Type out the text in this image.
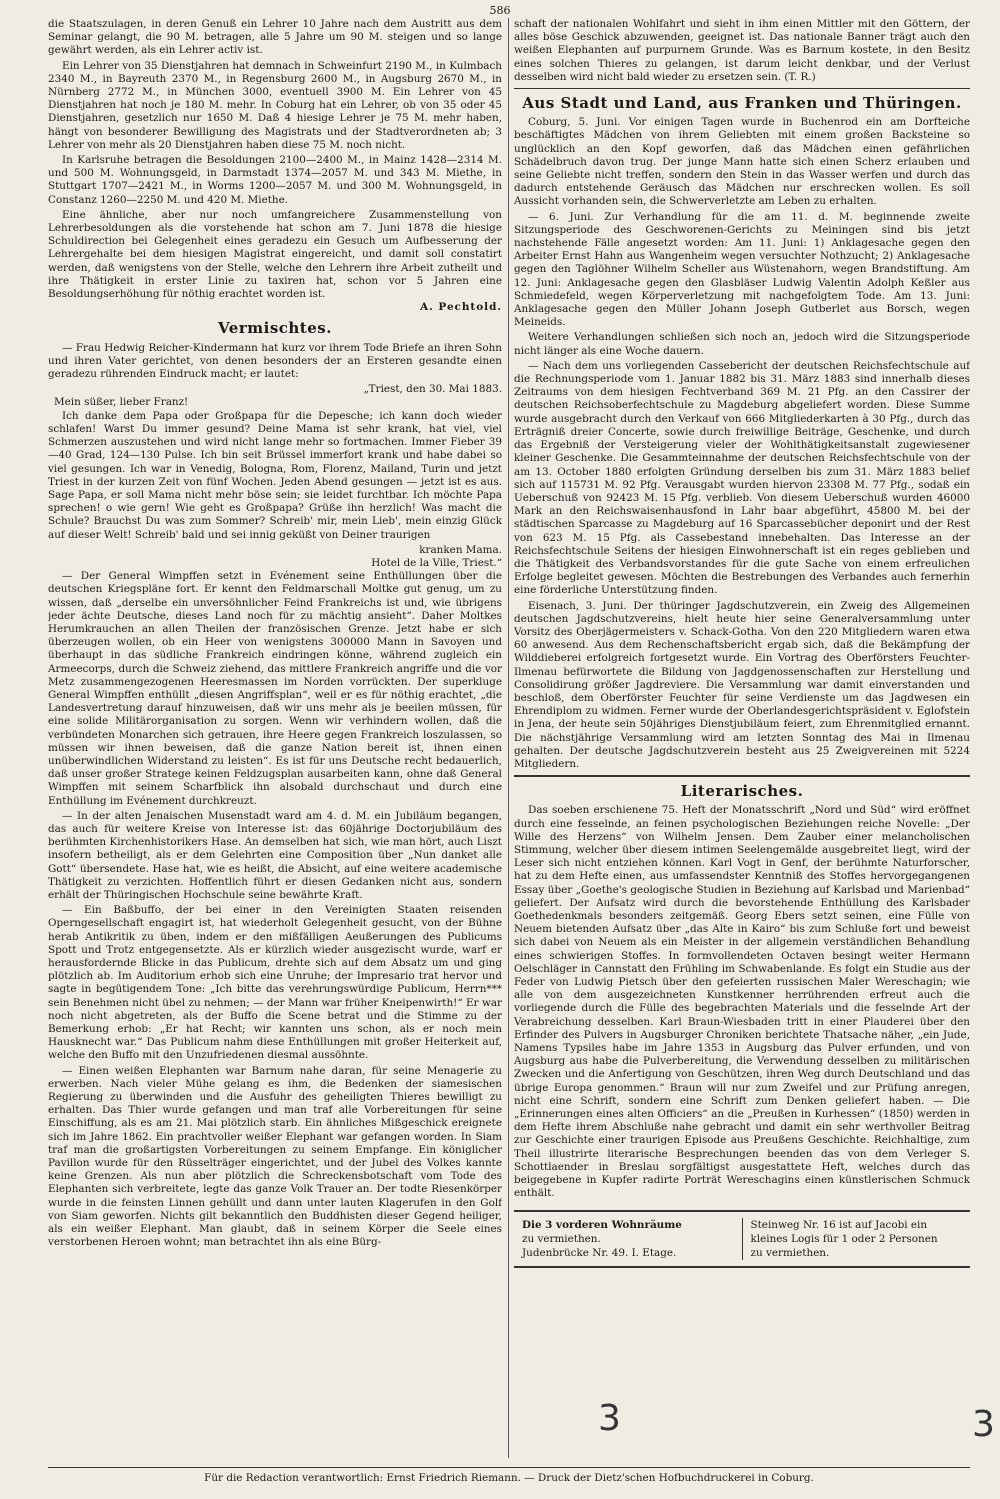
586

die Staatszulagen, in deren Genuß ein Lehrer 10 Jahre nach dem Austritt aus dem Seminar gelangt, die 90 M. betragen, alle 5 Jahre um 90 M. steigen und so lange gewährt werden, als ein Lehrer activ ist.

Ein Lehrer von 35 Dienstjahren hat demnach in Schweinfurt 2190 M., in Kulmbach 2340 M., in Bayreuth 2370 M., in Regensburg 2600 M., in Augsburg 2670 M., in Nürnberg 2772 M., in München 3000, eventuell 3900 M. Ein Lehrer von 45 Dienstjahren hat noch je 180 M. mehr. In Coburg hat ein Lehrer, ob von 35 oder 45 Dienstjahren, gesetzlich nur 1650 M. Daß 4 hiesige Lehrer je 75 M. mehr haben, hängt von besonderer Bewilligung des Magistrats und der Stadtverordneten ab; 3 Lehrer von mehr als 20 Dienstjahren haben diese 75 M. noch nicht.

In Karlsruhe betragen die Besoldungen 2100—2400 M., in Mainz 1428—2314 M. und 500 M. Wohnungsgeld, in Darmstadt 1374—2057 M. und 343 M. Miethe, in Stuttgart 1707—2421 M., in Worms 1200—2057 M. und 300 M. Wohnungsgeld, in Constanz 1260—2250 M. und 420 M. Miethe.

Eine ähnliche, aber nur noch umfangreichere Zusammenstellung von Lehrerbesoldungen als die vorstehende hat schon am 7. Juni 1878 die hiesige Schuldirection bei Gelegenheit eines geradezu ein Gesuch um Aufbesserung der Lehrergehalte bei dem hiesigen Magistrat eingereicht, und damit soll constatirt werden, daß wenigstens von der Stelle, welche den Lehrern ihre Arbeit zutheilt und ihre Thätigkeit in erster Linie zu taxiren hat, schon vor 5 Jahren eine Besoldungserhöhung für nöthig erachtet worden ist.

A. Pechtold.
Vermischtes.

— Frau Hedwig Reicher-Kindermann hat kurz vor ihrem Tode Briefe an ihren Sohn und ihren Vater gerichtet, von denen besonders der an Ersteren gesandte einen geradezu rührenden Eindruck macht; er lautet:

„Triest, den 30. Mai 1883.
Mein süßer, lieber Franz!

Ich danke dem Papa oder Großpapa für die Depesche; ich kann doch wieder schlafen! Warst Du immer gesund? Deine Mama ist sehr krank, hat viel, viel Schmerzen auszustehen und wird nicht lange mehr so fortmachen. Immer Fieber 39—40 Grad, 124—130 Pulse. Ich bin seit Brüssel immerfort krank und habe dabei so viel gesungen. Ich war in Venedig, Bologna, Rom, Florenz, Mailand, Turin und jetzt Triest in der kurzen Zeit von fünf Wochen. Jeden Abend gesungen — jetzt ist es aus. Sage Papa, er soll Mama nicht mehr böse sein; sie leidet furchtbar. Ich möchte Papa sprechen! o wie gern! Wie geht es Großpapa? Grüße ihn herzlich! Was macht die Schule? Brauchst Du was zum Sommer? Schreib' mir, mein Lieb', mein einzig Glück auf dieser Welt! Schreib' bald und sei innig geküßt von Deiner traurigen

kranken Mama.
Hotel de la Ville, Triest.“

— Der General Wimpffen setzt in Evénement seine Enthüllungen über die deutschen Kriegspläne fort. Er kennt den Feldmarschall Moltke gut genug, um zu wissen, daß „derselbe ein unversöhnlicher Feind Frankreichs ist und, wie übrigens jeder ächte Deutsche, dieses Land noch für zu mächtig ansieht“. Daher Moltkes Herumkrauchen an allen Theilen der französischen Grenze. Jetzt habe er sich überzeugen wollen, ob ein Heer von wenigstens 300000 Mann in Savoyen und überhaupt in das südliche Frankreich eindringen könne, während zugleich ein Armeecorps, durch die Schweiz ziehend, das mittlere Frankreich angriffe und die vor Metz zusammengezogenen Heeresmassen im Norden vorrückten. Der superkluge General Wimpffen enthüllt „diesen Angriffsplan“, weil er es für nöthig erachtet, „die Landesvertretung darauf hinzuweisen, daß wir uns mehr als je beeilen müssen, für eine solide Militärorganisation zu sorgen. Wenn wir verhindern wollen, daß die verbündeten Monarchen sich getrauen, ihre Heere gegen Frankreich loszulassen, so müssen wir ihnen beweisen, daß die ganze Nation bereit ist, ihnen einen unüberwindlichen Widerstand zu leisten“. Es ist für uns Deutsche recht bedauerlich, daß unser großer Stratege keinen Feldzugsplan ausarbeiten kann, ohne daß General Wimpffen mit seinem Scharfblick ihn alsobald durchschaut und durch eine Enthüllung im Evénement durchkreuzt.

— In der alten Jenaischen Musenstadt ward am 4. d. M. ein Jubiläum begangen, das auch für weitere Kreise von Interesse ist: das 60jährige Doctorjubiläum des berühmten Kirchenhistorikers Hase. An demselben hat sich, wie man hört, auch Liszt insofern betheiligt, als er dem Gelehrten eine Composition über „Nun danket alle Gott“ übersendete. Hase hat, wie es heißt, die Absicht, auf eine weitere academische Thätigkeit zu verzichten. Hoffentlich führt er diesen Gedanken nicht aus, sondern erhält der Thüringischen Hochschule seine bewährte Kraft.

— Ein Baßbuffo, der bei einer in den Vereinigten Staaten reisenden Operngesellschaft engagirt ist, hat wiederholt Gelegenheit gesucht, von der Bühne herab Antikritik zu üben, indem er den mißfälligen Aeußerungen des Publicums Spott und Trotz entgegensetzte. Als er kürzlich wieder ausgezischt wurde, warf er herausfordernde Blicke in das Publicum, drehte sich auf dem Absatz um und ging plötzlich ab. Im Auditorium erhob sich eine Unruhe; der Impresario trat hervor und sagte in begütigendem Tone: „Ich bitte das verehrungswürdige Publicum, Herrn*** sein Benehmen nicht übel zu nehmen; — der Mann war früher Kneipenwirth!“ Er war noch nicht abgetreten, als der Buffo die Scene betrat und die Stimme zu der Bemerkung erhob: „Er hat Recht; wir kannten uns schon, als er noch mein Hausknecht war.“ Das Publicum nahm diese Enthüllungen mit großer Heiterkeit auf, welche den Buffo mit den Unzufriedenen diesmal aussöhnte.

— Einen weißen Elephanten war Barnum nahe daran, für seine Menagerie zu erwerben. Nach vieler Mühe gelang es ihm, die Bedenken der siamesischen Regierung zu überwinden und die Ausfuhr des geheiligten Thieres bewilligt zu erhalten. Das Thier wurde gefangen und man traf alle Vorbereitungen für seine Einschiffung, als es am 21. Mai plötzlich starb. Ein ähnliches Mißgeschick ereignete sich im Jahre 1862. Ein prachtvoller weißer Elephant war gefangen worden. In Siam traf man die großartigsten Vorbereitungen zu seinem Empfange. Ein königlicher Pavillon wurde für den Rüsselträger eingerichtet, und der Jubel des Volkes kannte keine Grenzen. Als nun aber plötzlich die Schreckensbotschaft vom Tode des Elephanten sich verbreitete, legte das ganze Volk Trauer an. Der todte Riesenkörper wurde in die feinsten Linnen gehüllt und dann unter lauten Klagerufen in den Golf von Siam geworfen. Nichts gilt bekanntlich den Buddhisten dieser Gegend heiliger, als ein weißer Elephant. Man glaubt, daß in seinem Körper die Seele eines verstorbenen Heroen wohnt; man betrachtet ihn als eine Bürg-

schaft der nationalen Wohlfahrt und sieht in ihm einen Mittler mit den Göttern, der alles böse Geschick abzuwenden, geeignet ist. Das nationale Banner trägt auch den weißen Elephanten auf purpurnem Grunde. Was es Barnum kostete, in den Besitz eines solchen Thieres zu gelangen, ist darum leicht denkbar, und der Verlust desselben wird nicht bald wieder zu ersetzen sein. (T. R.)

Aus Stadt und Land, aus Franken und Thüringen.

Coburg, 5. Juni. Vor einigen Tagen wurde in Buchenrod ein am Dorfteiche beschäftigtes Mädchen von ihrem Geliebten mit einem großen Backsteine so unglücklich an den Kopf geworfen, daß das Mädchen einen gefährlichen Schädelbruch davon trug. Der junge Mann hatte sich einen Scherz erlauben und seine Geliebte nicht treffen, sondern den Stein in das Wasser werfen und durch das dadurch entstehende Geräusch das Mädchen nur erschrecken wollen. Es soll Aussicht vorhanden sein, die Schwerverletzte am Leben zu erhalten.

— 6. Juni. Zur Verhandlung für die am 11. d. M. beginnende zweite Sitzungsperiode des Geschworenen-Gerichts zu Meiningen sind bis jetzt nachstehende Fälle angesetzt worden: Am 11. Juni: 1) Anklagesache gegen den Arbeiter Ernst Hahn aus Wangenheim wegen versuchter Nothzucht; 2) Anklagesache gegen den Taglöhner Wilhelm Scheller aus Wüstenahorn, wegen Brandstiftung. Am 12. Juni: Anklagesache gegen den Glasbläser Ludwig Valentin Adolph Keßler aus Schmiedefeld, wegen Körperverletzung mit nachgefolgtem Tode. Am 13. Juni: Anklagesache gegen den Müller Johann Joseph Gutberlet aus Borsch, wegen Meineids.

Weitere Verhandlungen schließen sich noch an, jedoch wird die Sitzungsperiode nicht länger als eine Woche dauern.

— Nach dem uns vorliegenden Cassebericht der deutschen Reichsfechtschule auf die Rechnungsperiode vom 1. Januar 1882 bis 31. März 1883 sind innerhalb dieses Zeitraums von dem hiesigen Fechtverband 369 M. 21 Pfg. an den Cassirer der deutschen Reichsoberfechtschule zu Magdeburg abgeliefert worden. Diese Summe wurde ausgebracht durch den Verkauf von 666 Mitgliederkarten à 30 Pfg., durch das Erträgniß dreier Concerte, sowie durch freiwillige Beiträge, Geschenke, und durch das Ergebniß der Versteigerung vieler der Wohlthätigkeitsanstalt zugewiesener kleiner Geschenke. Die Gesammteinnahme der deutschen Reichsfechtschule von der am 13. October 1880 erfolgten Gründung derselben bis zum 31. März 1883 belief sich auf 115731 M. 92 Pfg. Verausgabt wurden hiervon 23308 M. 77 Pfg., sodaß ein Ueberschuß von 92423 M. 15 Pfg. verblieb. Von diesem Ueberschuß wurden 46000 Mark an den Reichswaisenhausfond in Lahr baar abgeführt, 45800 M. bei der städtischen Sparcasse zu Magdeburg auf 16 Sparcassebücher deponirt und der Rest von 623 M. 15 Pfg. als Cassebestand innebehalten. Das Interesse an der Reichsfechtschule Seitens der hiesigen Einwohnerschaft ist ein reges geblieben und die Thätigkeit des Verbandsvorstandes für die gute Sache von einem erfreulichen Erfolge begleitet gewesen. Möchten die Bestrebungen des Verbandes auch fernerhin eine förderliche Unterstützung finden.

Eisenach, 3. Juni. Der thüringer Jagdschutzverein, ein Zweig des Allgemeinen deutschen Jagdschutzvereins, hielt heute hier seine Generalversammlung unter Vorsitz des Oberjägermeisters v. Schack-Gotha. Von den 220 Mitgliedern waren etwa 60 anwesend. Aus dem Rechenschaftsbericht ergab sich, daß die Bekämpfung der Wilddieberei erfolgreich fortgesetzt wurde. Ein Vortrag des Oberförsters Feuchter-Ilmenau befürwortete die Bildung von Jagdgenossenschaften zur Herstellung und Consolidirung größer Jagdreviere. Die Versammlung war damit einverstanden und beschloß, dem Oberförster Feuchter für seine Verdienste um das Jagdwesen ein Ehrendiplom zu widmen. Ferner wurde der Oberlandesgerichtspräsident v. Eglofstein in Jena, der heute sein 50jähriges Dienstjubiläum feiert, zum Ehrenmitglied ernannt. Die nächstjährige Versammlung wird am letzten Sonntag des Mai in Ilmenau gehalten. Der deutsche Jagdschutzverein besteht aus 25 Zweigvereinen mit 5224 Mitgliedern.

Literarisches.

Das soeben erschienene 75. Heft der Monatsschrift „Nord und Süd“ wird eröffnet durch eine fesselnde, an feinen psychologischen Beziehungen reiche Novelle: „Der Wille des Herzens“ von Wilhelm Jensen. Dem Zauber einer melancholischen Stimmung, welcher über diesem intimen Seelengemälde ausgebreitet liegt, wird der Leser sich nicht entziehen können. Karl Vogt in Genf, der berühmte Naturforscher, hat zu dem Hefte einen, aus umfassendster Kenntniß des Stoffes hervorgegangenen Essay über „Goethe's geologische Studien in Beziehung auf Karlsbad und Marienbad“ geliefert. Der Aufsatz wird durch die bevorstehende Enthüllung des Karlsbader Goethedenkmals besonders zeitgemäß. Georg Ebers setzt seinen, eine Fülle von Neuem bietenden Aufsatz über „das Alte in Kairo“ bis zum Schluße fort und beweist sich dabei von Neuem als ein Meister in der allgemein verständlichen Behandlung eines schwierigen Stoffes. In formvollendeten Octaven besingt weiter Hermann Oelschläger in Cannstatt den Frühling im Schwabenlande. Es folgt ein Studie aus der Feder von Ludwig Pietsch über den gefeierten russischen Maler Wereschagin; wie alle von dem ausgezeichneten Kunstkenner herrührenden erfreut auch die vorliegende durch die Fülle des begebrachten Materials und die fesselnde Art der Verabreichung desselben. Karl Braun-Wiesbaden tritt in einer Plauderei über den Erfinder des Pulvers in Augsburger Chroniken berichtete Thatsache näher, „ein Jude, Namens Typsiles habe im Jahre 1353 in Augsburg das Pulver erfunden, und von Augsburg aus habe die Pulverbereitung, die Verwendung desselben zu militärischen Zwecken und die Anfertigung von Geschützen, ihren Weg durch Deutschland und das übrige Europa genommen.“ Braun will nur zum Zweifel und zur Prüfung anregen, nicht eine Schrift, sondern eine Schrift zum Denken geliefert haben. — Die „Erinnerungen eines alten Officiers“ an die „Preußen in Kurhessen“ (1850) werden in dem Hefte ihrem Abschluße nahe gebracht und damit ein sehr werthvoller Beitrag zur Geschichte einer traurigen Episode aus Preußens Geschichte. Reichhaltige, zum Theil illustrirte literarische Besprechungen beenden das von dem Verleger S. Schottlaender in Breslau sorgfältigst ausgestattete Heft, welches durch das beigegebene in Kupfer radirte Porträt Wereschagins einen künstlerischen Schmuck enthält.

Die 3 vorderen Wohnräume
zu vermiethen.
Judenbrücke Nr. 49. I. Etage.
Steinweg Nr. 16 ist auf Jacobi ein
kleines Logis für 1 oder 2 Personen
zu vermiethen.
3	3
Für die Redaction verantwortlich: Ernst Friedrich Riemann. — Druck der Dietz'schen Hofbuchdruckerei in Coburg.
